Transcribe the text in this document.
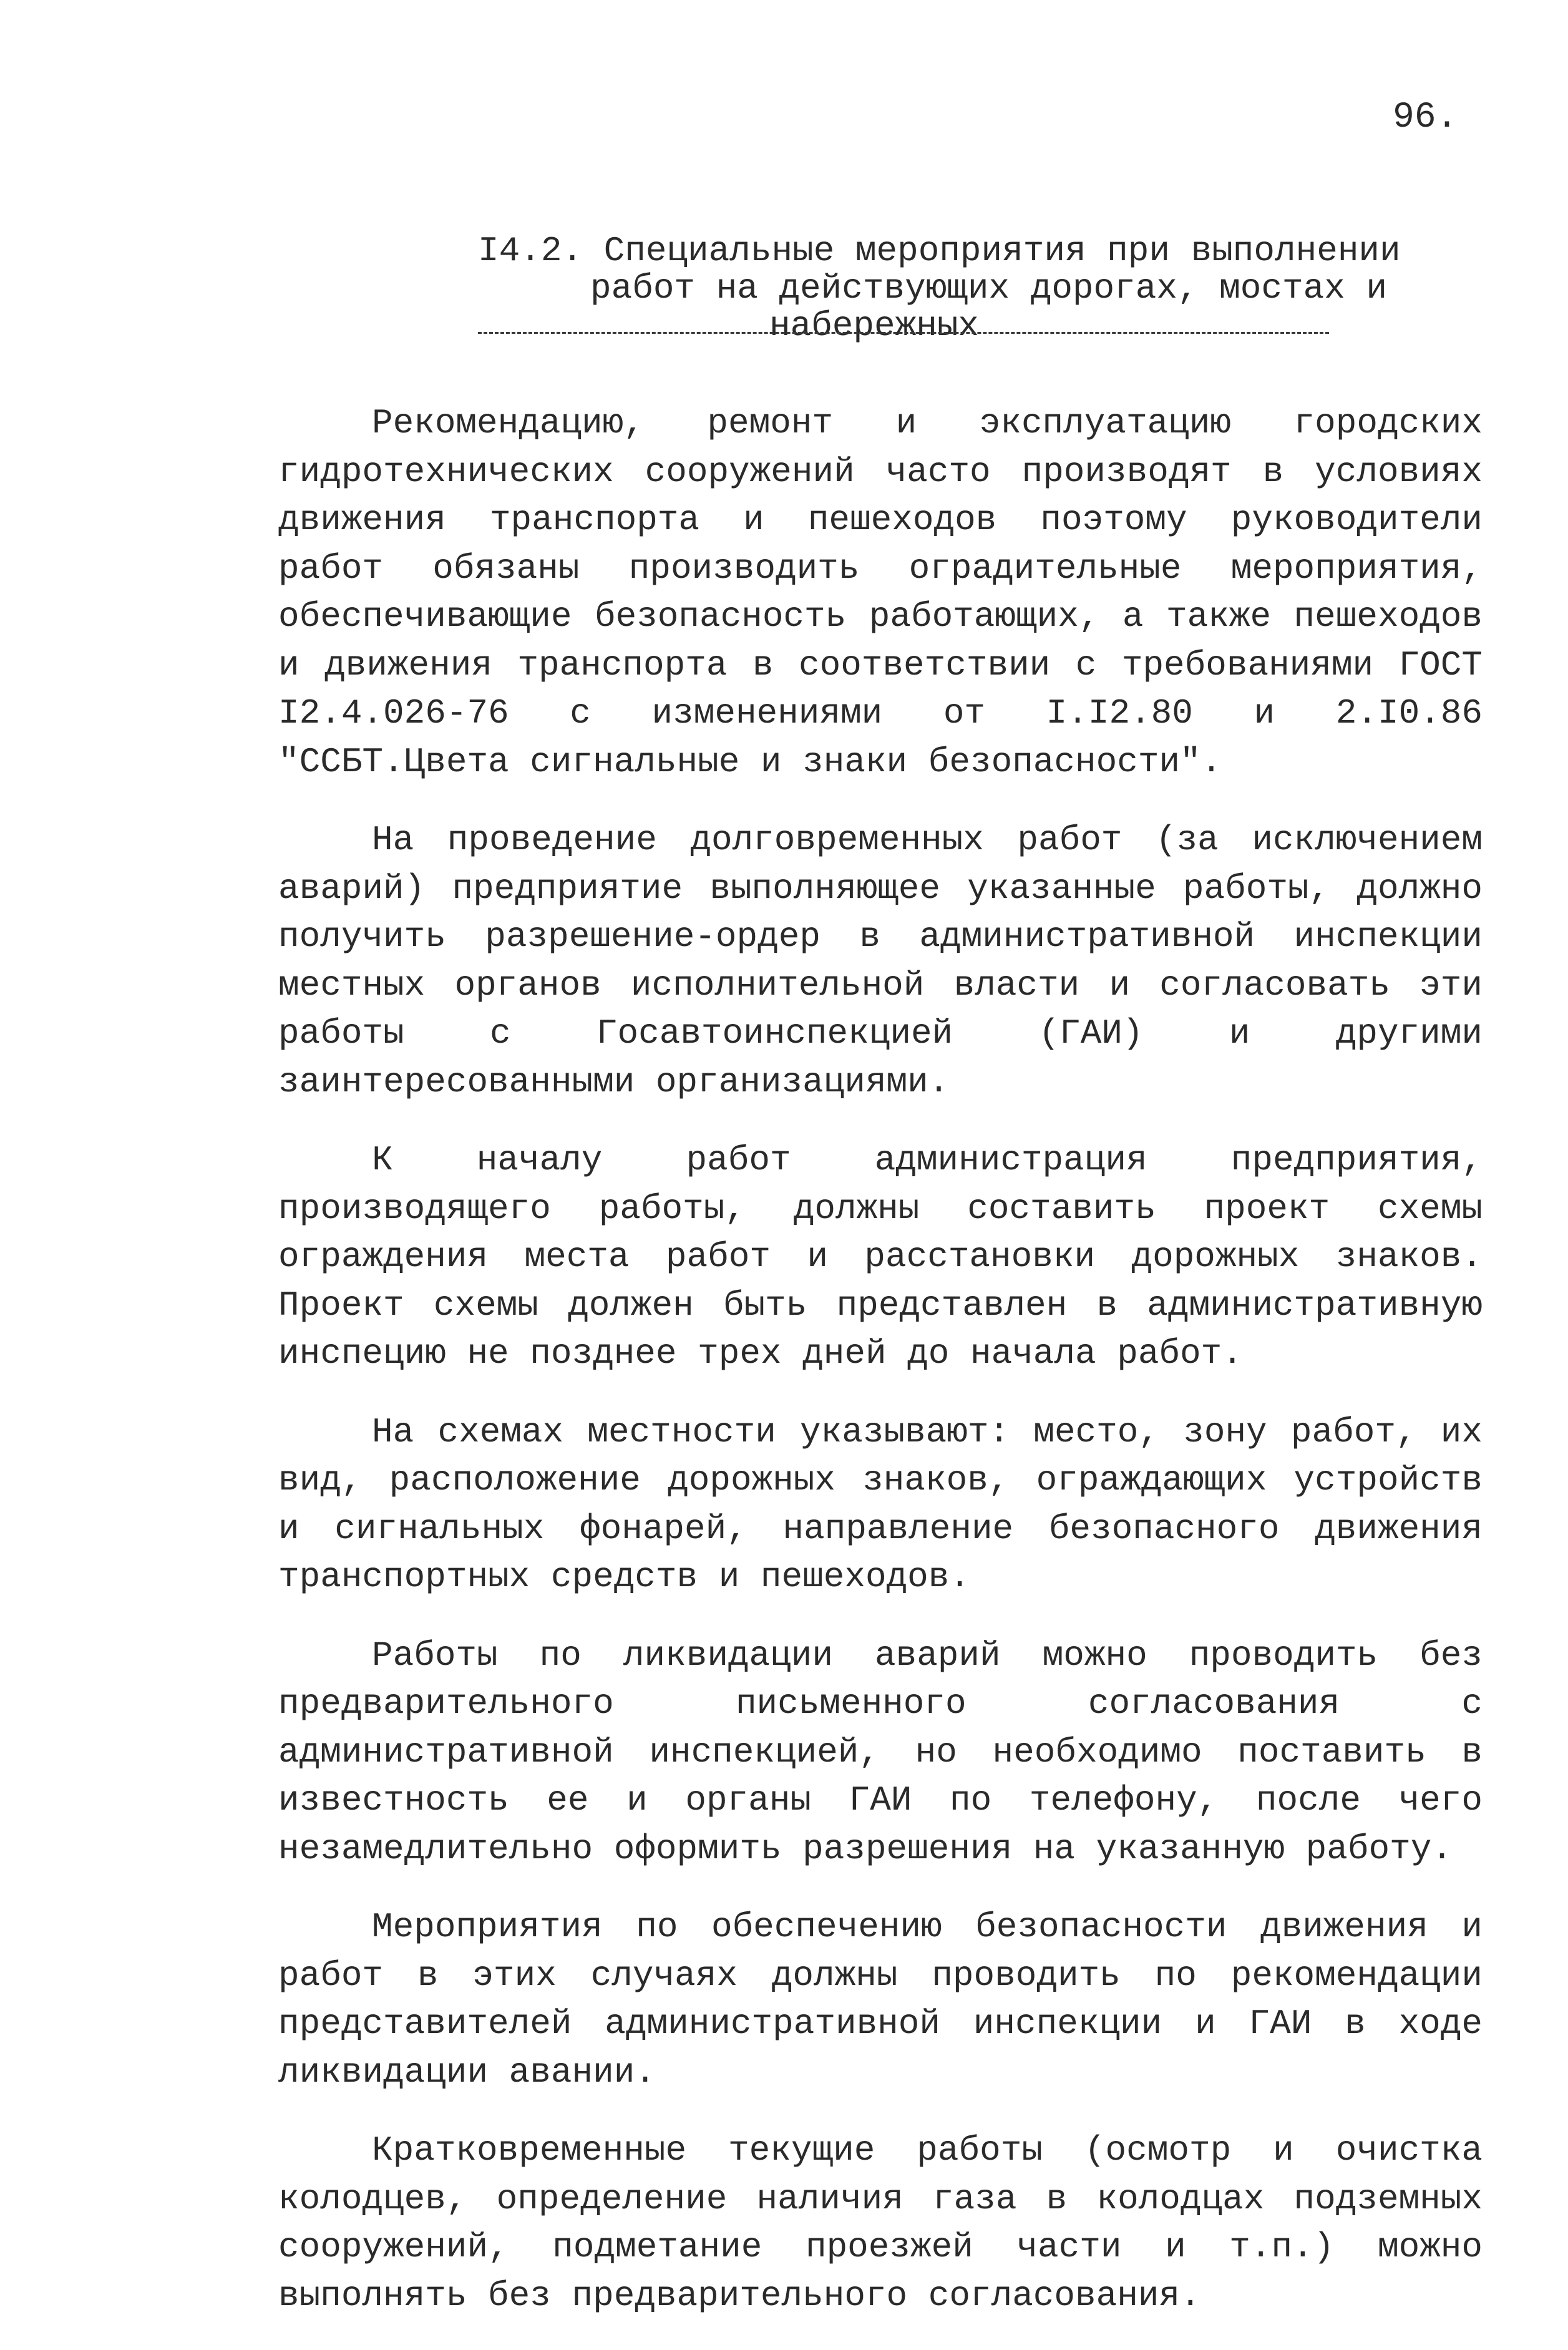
96.
I4.2. Специальные мероприятия при выполнении
работ на действующих дорогах, мостах и
набережных

Рекомендацию, ремонт и эксплуатацию городских гидротехнических сооружений часто производят в условиях движения транспорта и пешеходов поэтому руководители работ обязаны производить оградительные мероприятия, обеспечивающие безопасность работающих, а также пешеходов и движения транспорта в соответствии с требованиями ГОСТ I2.4.026-76 с изменениями от I.I2.80 и 2.I0.86 "ССБТ.Цвета сигнальные и знаки безопасности".

На проведение долговременных работ (за исключением аварий) предприятие выполняющее указанные работы, должно получить разрешение-ордер в административной инспекции местных органов исполнительной власти и согласовать эти работы с Госавтоинспекцией (ГАИ) и другими заинтересованными организациями.

К началу работ администрация предприятия, производящего работы, должны составить проект схемы ограждения места работ и расстановки дорожных знаков. Проект схемы должен быть представлен в административную инспецию не позднее трех дней до начала работ.

На схемах местности указывают: место, зону работ, их вид, расположение дорожных знаков, ограждающих устройств и сигнальных фонарей, направление безопасного движения транспортных средств и пешеходов.

Работы по ликвидации аварий можно проводить без предварительного письменного согласования с административной инспекцией, но необходимо поставить в известность ее и органы ГАИ по телефону, после чего незамедлительно оформить разрешения на указанную работу.

Мероприятия по обеспечению безопасности движения и работ в этих случаях должны проводить по рекомендации представителей административной инспекции и ГАИ в ходе ликвидации авании.

Кратковременные текущие работы (осмотр и очистка колодцев, определение наличия газа в колодцах подземных сооружений, подметание проезжей части и т.п.) можно выполнять без предварительного согласования.
